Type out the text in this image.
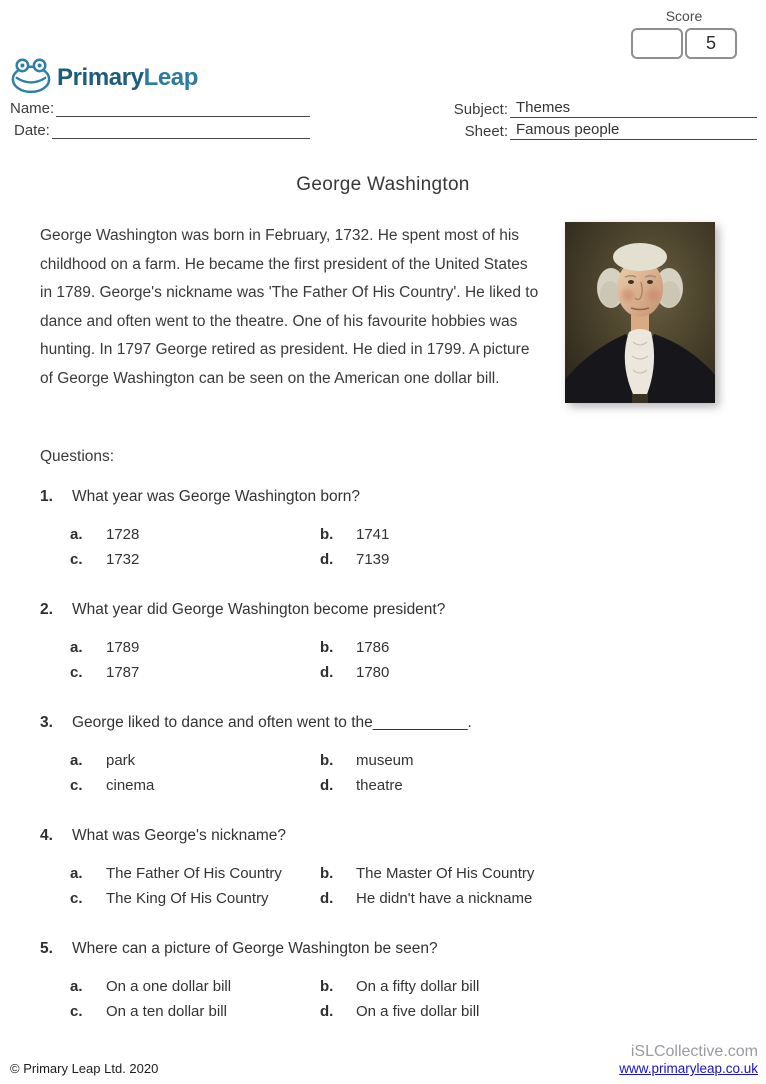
Score
5
PrimaryLeap
Name:
Date:
Subject: Themes
Sheet: Famous people
George Washington
George Washington was born in February, 1732. He spent most of his childhood on a farm. He became the first president of the United States in 1789. George's nickname was 'The Father Of His Country'. He liked to dance and often went to the theatre. One of his favourite hobbies was hunting. In 1797 George retired as president. He died in 1799. A picture of George Washington can be seen on the American one dollar bill.
Questions:
1.	What year was George Washington born?
a.	1728	b.	1741
c.	1732	d.	7139
2.	What year did George Washington become president?
a.	1789	b.	1786
c.	1787	d.	1780
3.	George liked to dance and often went to the___________.
a.	park	b.	museum
c.	cinema	d.	theatre
4.	What was George's nickname?
a.	The Father Of His Country	b.	The Master Of His Country
c.	The King Of His Country	d.	He didn't have a nickname
5.	Where can a picture of George Washington be seen?
a.	On a one dollar bill	b.	On a fifty dollar bill
c.	On a ten dollar bill	d.	On a five dollar bill
© Primary Leap Ltd. 2020
iSLCollective.com
www.primaryleap.co.uk
